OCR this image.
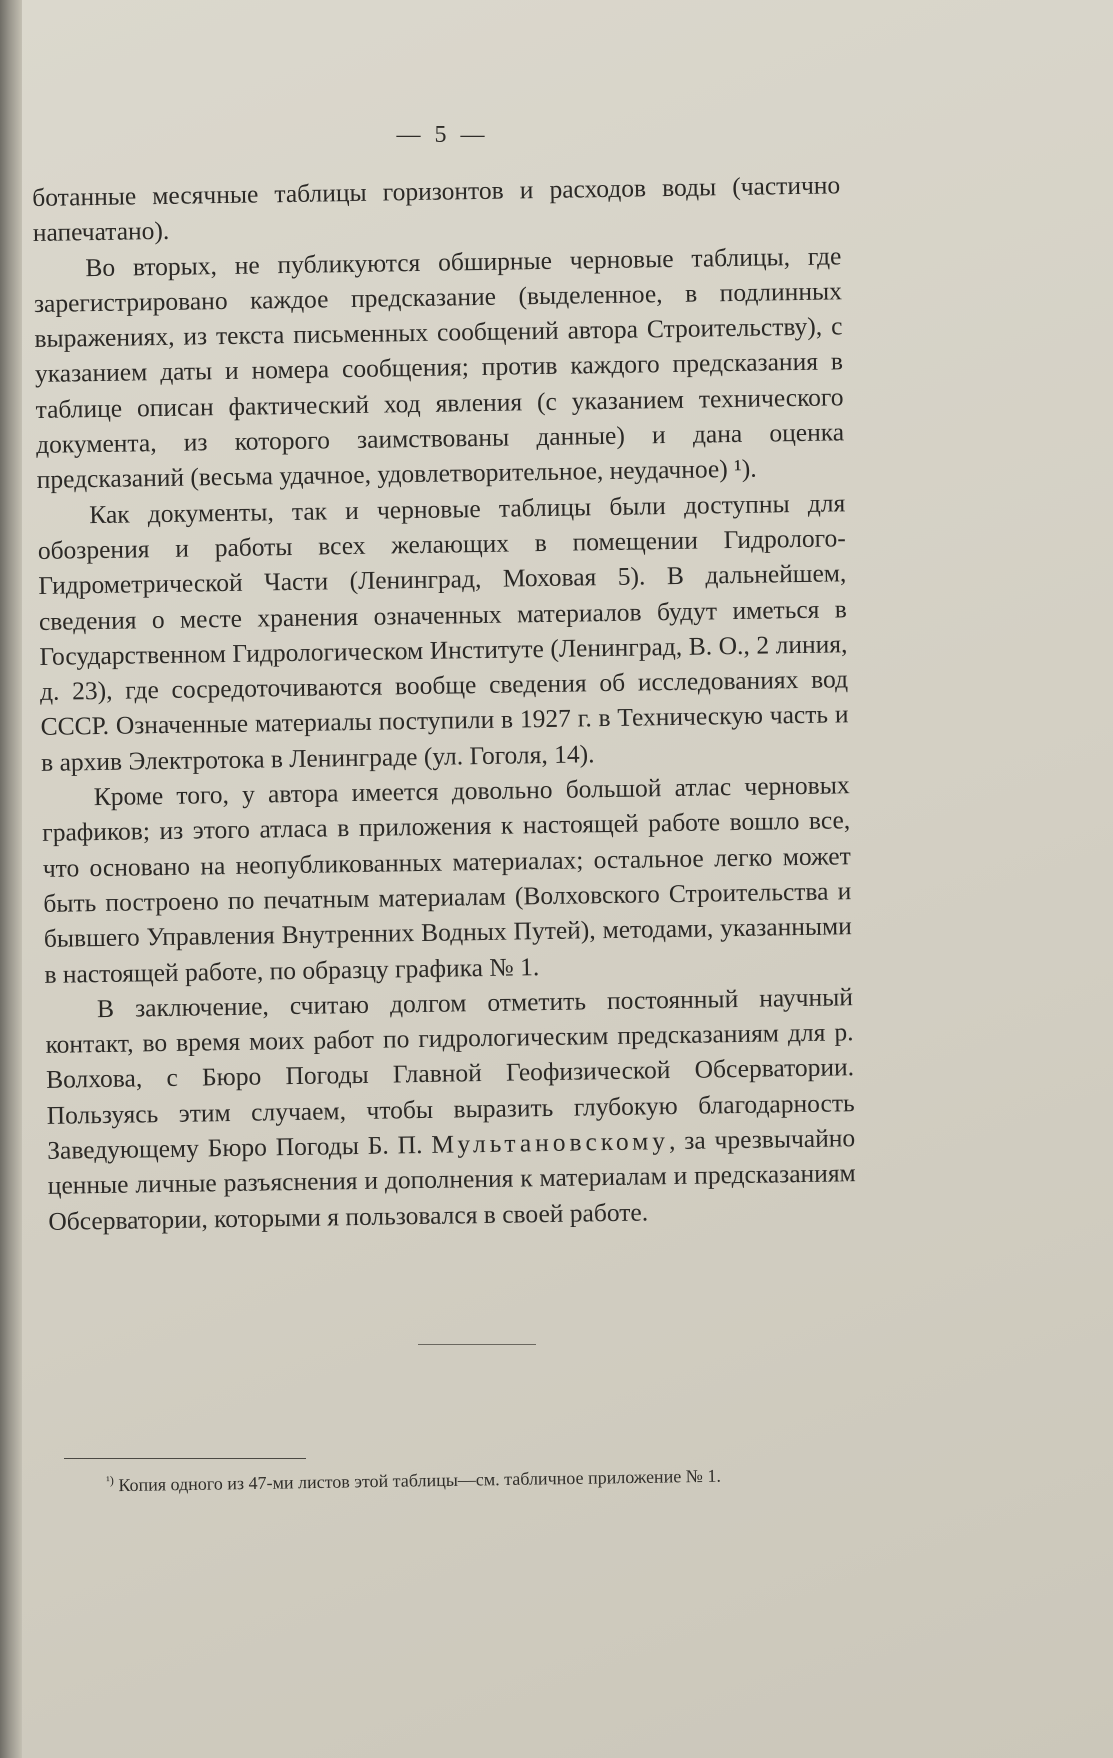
— 5 —

ботанные месячные таблицы горизонтов и расходов воды (частично напечатано).

Во вторых, не публикуются обширные черновые таблицы, где зарегистрировано каждое предсказание (выделенное, в подлинных выражениях, из текста письменных сообщений автора Строительству), с указанием даты и номера сообщения; против каждого предсказания в таблице описан фактический ход явления (с указанием технического документа, из которого заимствованы данные) и дана оценка предсказаний (весьма удачное, удовлетворительное, неудачное) ¹).

Как документы, так и черновые таблицы были доступны для обозрения и работы всех желающих в помещении Гидролого-Гидрометрической Части (Ленинград, Моховая 5). В дальнейшем, сведения о месте хранения означенных материалов будут иметься в Государственном Гидрологическом Институте (Ленинград, В. О., 2 линия, д. 23), где сосредоточиваются вообще сведения об исследованиях вод СССР. Означенные материалы поступили в 1927 г. в Техническую часть и в архив Электротока в Ленинграде (ул. Гоголя, 14).

Кроме того, у автора имеется довольно большой атлас черновых графиков; из этого атласа в приложения к настоящей работе вошло все, что основано на неопубликованных материалах; остальное легко может быть построено по печатным материалам (Волховского Строительства и бывшего Управления Внутренних Водных Путей), методами, указанными в настоящей работе, по образцу графика № 1.

В заключение, считаю долгом отметить постоянный научный контакт, во время моих работ по гидрологическим предсказаниям для р. Волхова, с Бюро Погоды Главной Геофизической Обсерватории. Пользуясь этим случаем, чтобы выразить глубокую благодарность Заведующему Бюро Погоды Б. П. Мультановскому, за чрезвычайно ценные личные разъяснения и дополнения к материалам и предсказаниям Обсерватории, которыми я пользовался в своей работе.

$^{^1)}$ Копия одного из 47-ми листов этой таблицы—см. табличное приложение № 1.
